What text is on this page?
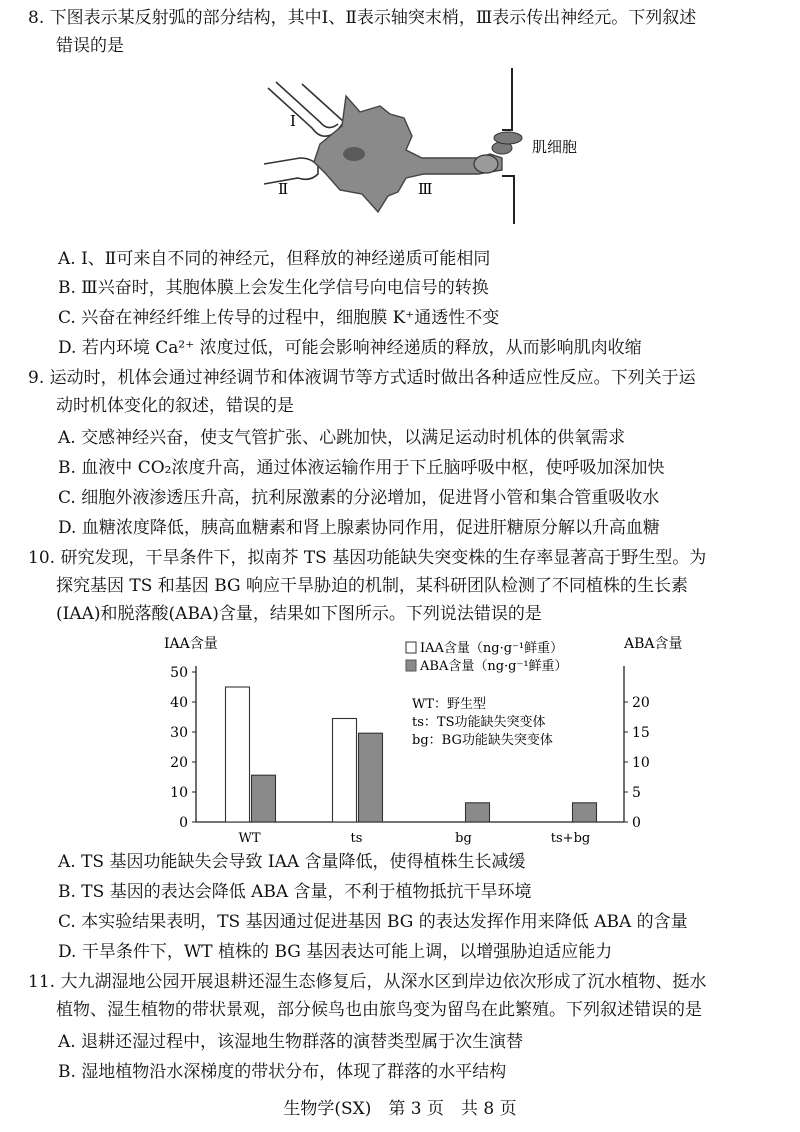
8. 下图表示某反射弧的部分结构，其中Ⅰ、Ⅱ表示轴突末梢，Ⅲ表示传出神经元。下列叙述
错误的是
Ⅰ
Ⅱ	Ⅲ
肌细胞
A. Ⅰ、Ⅱ可来自不同的神经元，但释放的神经递质可能相同
B. Ⅲ兴奋时，其胞体膜上会发生化学信号向电信号的转换
C. 兴奋在神经纤维上传导的过程中，细胞膜 K⁺通透性不变
D. 若内环境 Ca²⁺ 浓度过低，可能会影响神经递质的释放，从而影响肌肉收缩
9. 运动时，机体会通过神经调节和体液调节等方式适时做出各种适应性反应。下列关于运
动时机体变化的叙述，错误的是
A. 交感神经兴奋，使支气管扩张、心跳加快，以满足运动时机体的供氧需求
B. 血液中 CO₂浓度升高，通过体液运输作用于下丘脑呼吸中枢，使呼吸加深加快
C. 细胞外液渗透压升高，抗利尿激素的分泌增加，促进肾小管和集合管重吸收水
D. 血糖浓度降低，胰高血糖素和肾上腺素协同作用，促进肝糖原分解以升高血糖
10. 研究发现，干旱条件下，拟南芥 TS 基因功能缺失突变株的生存率显著高于野生型。为
探究基因 TS 和基因 BG 响应干旱胁迫的机制，某科研团队检测了不同植株的生长素
(IAA)和脱落酸(ABA)含量，结果如下图所示。下列说法错误的是
IAA含量	ABA含量
0
10
20
30
40
50
0
5
10
15
20
WT	ts	bg	ts+bg
IAA含量（ng·g⁻¹鲜重）
ABA含量（ng·g⁻¹鲜重）
WT：野生型
ts：TS功能缺失突变体
bg：BG功能缺失突变体
A. TS 基因功能缺失会导致 IAA 含量降低，使得植株生长减缓
B. TS 基因的表达会降低 ABA 含量，不利于植物抵抗干旱环境
C. 本实验结果表明，TS 基因通过促进基因 BG 的表达发挥作用来降低 ABA 的含量
D. 干旱条件下，WT 植株的 BG 基因表达可能上调，以增强胁迫适应能力
11. 大九湖湿地公园开展退耕还湿生态修复后，从深水区到岸边依次形成了沉水植物、挺水
植物、湿生植物的带状景观，部分候鸟也由旅鸟变为留鸟在此繁殖。下列叙述错误的是
A. 退耕还湿过程中，该湿地生物群落的演替类型属于次生演替
B. 湿地植物沿水深梯度的带状分布，体现了群落的水平结构
生物学(SX)　第 3 页　共 8 页
